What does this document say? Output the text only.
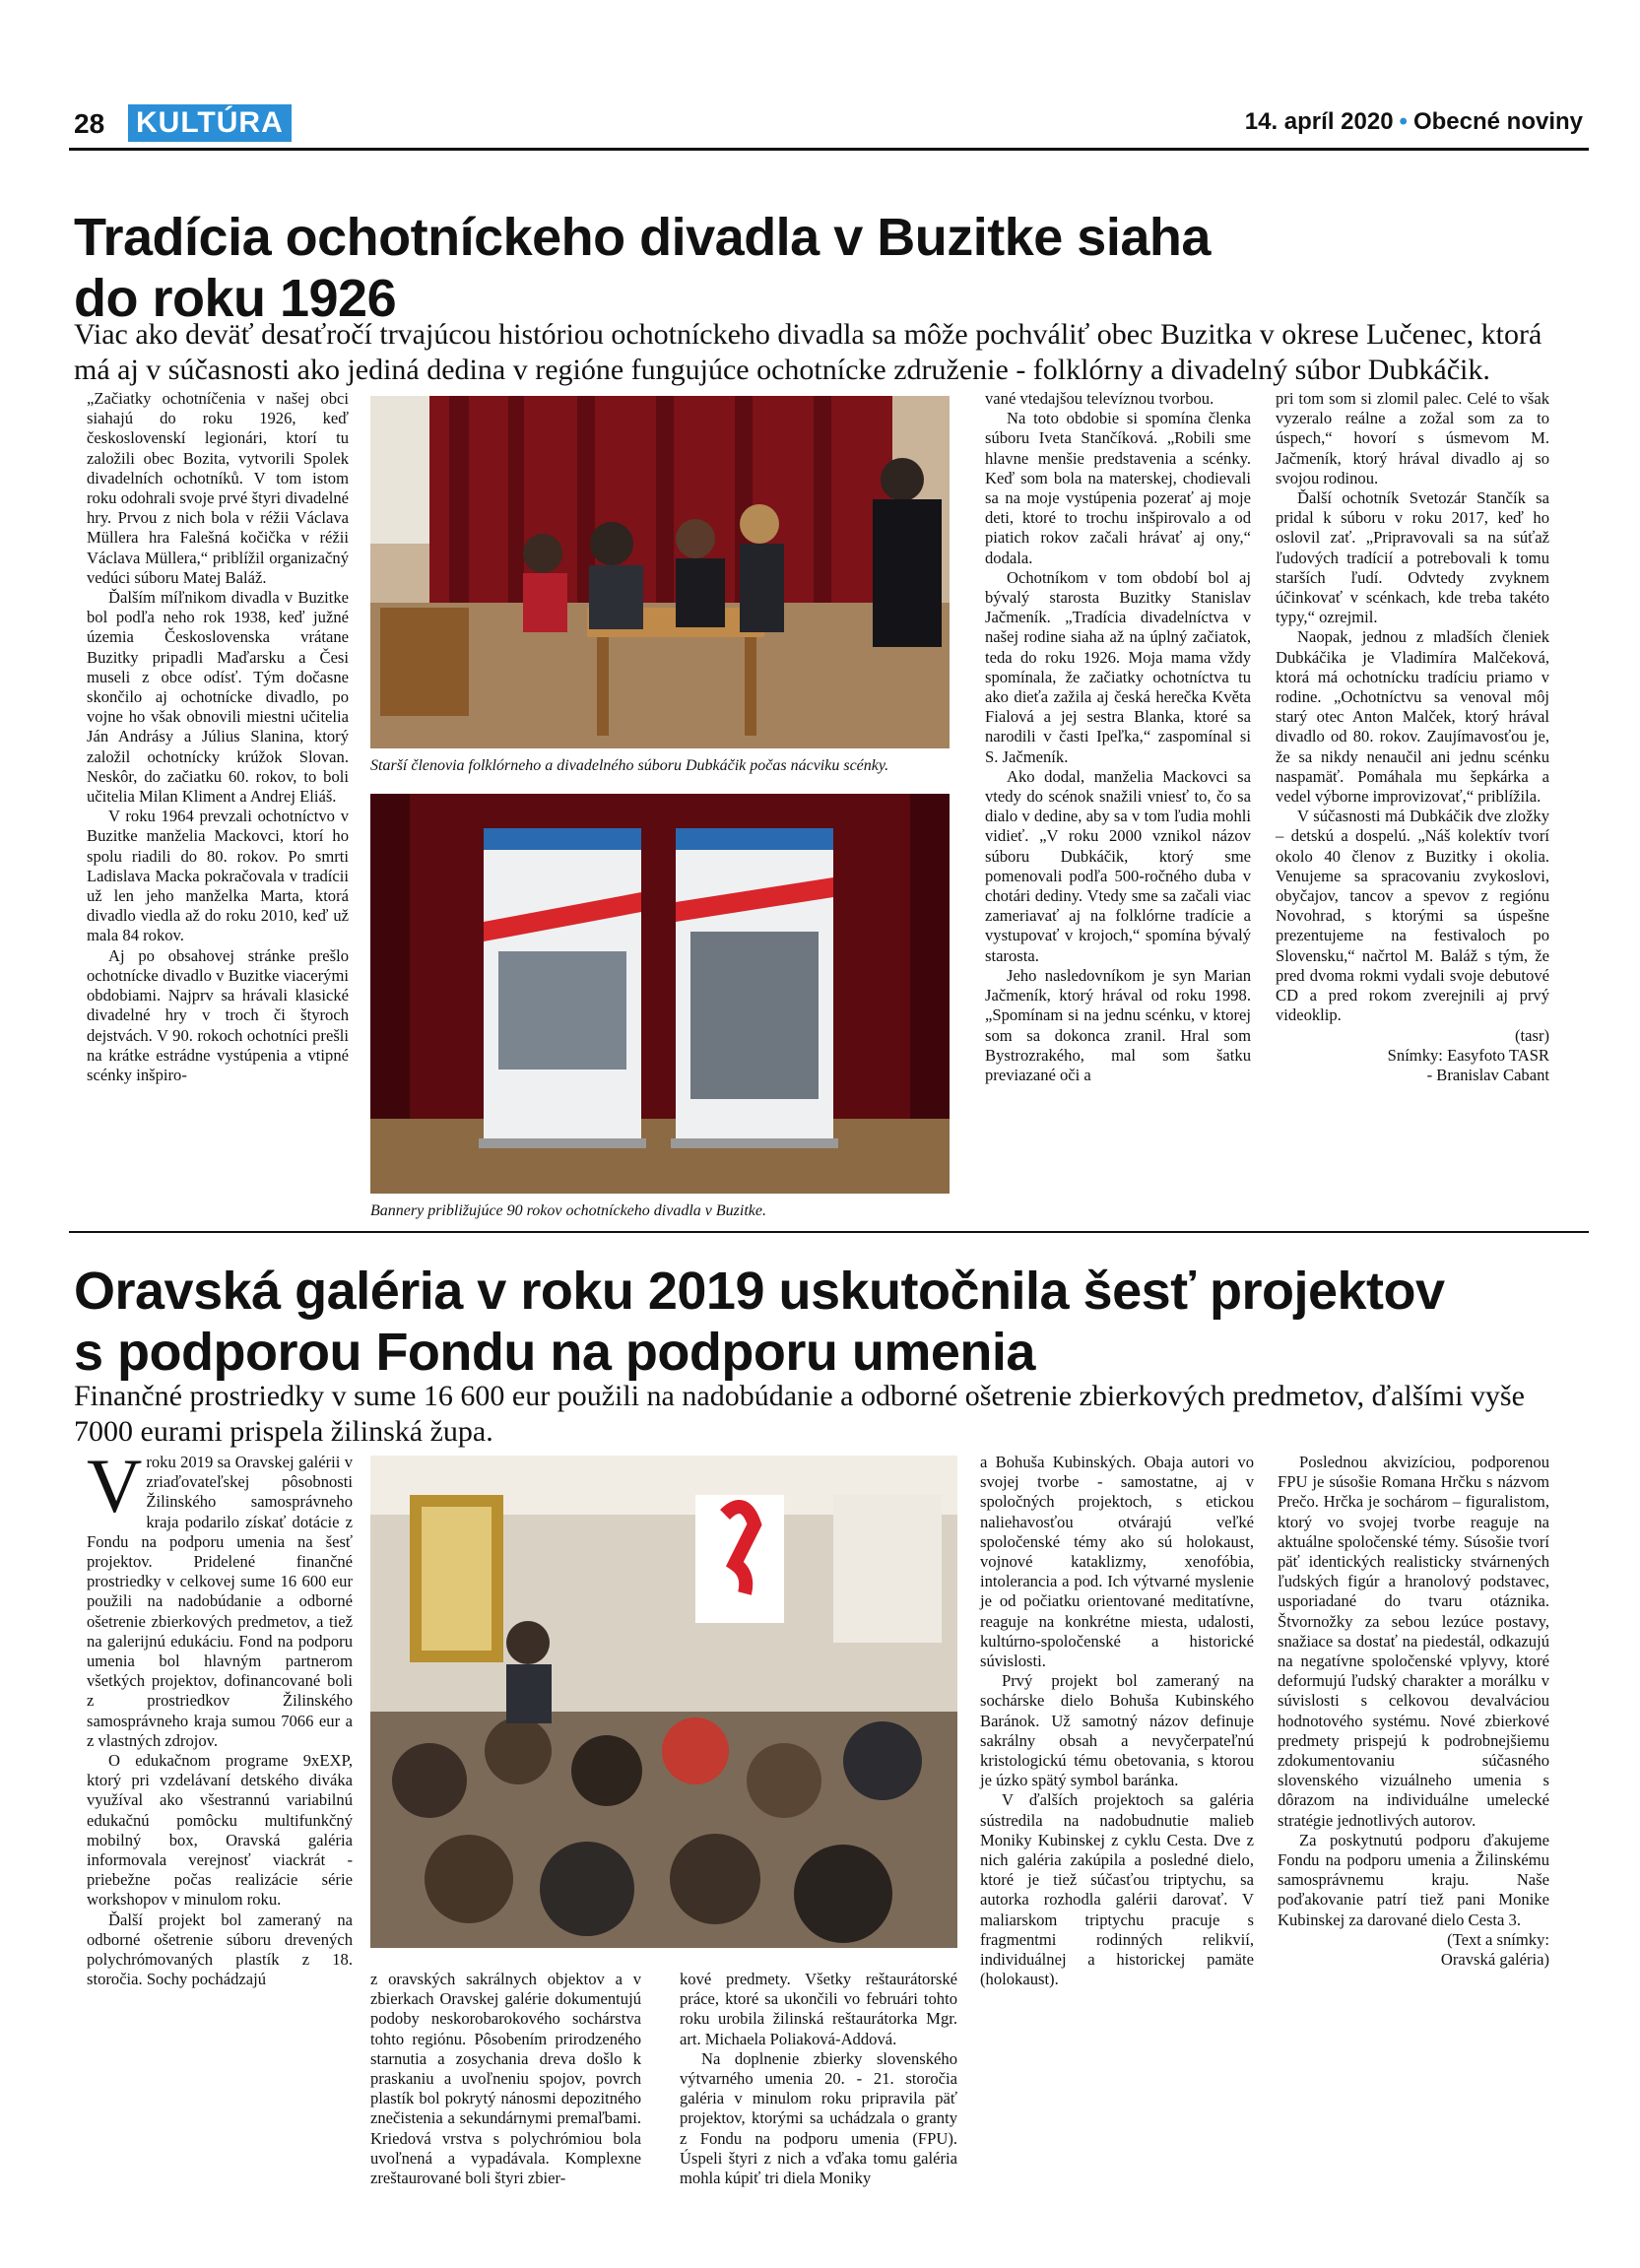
28 KULTÚRA	14. apríl 2020 • Obecné noviny
Tradícia ochotníckeho divadla v Buzitke siaha
do roku 1926
Viac ako deväť desaťročí trvajúcou históriou ochotníckeho divadla sa môže pochváliť obec Buzitka v okrese Lučenec, ktorá má aj v súčasnosti ako jediná dedina v regióne fungujúce ochotnícke združenie - folklórny a divadelný súbor Dubkáčik.

„Začiatky ochotníčenia v našej obci siahajú do roku 1926, keď československí legionári, ktorí tu založili obec Bozita, vytvorili Spolek divadelních ochotníků. V tom istom roku odohrali svoje prvé štyri divadelné hry. Prvou z nich bola v réžii Václava Müllera hra Falešná kočička v réžii Václava Müllera,“ priblížil organizačný vedúci súboru Matej Baláž.

Ďalším míľnikom divadla v Buzitke bol podľa neho rok 1938, keď južné územia Československa vrátane Buzitky pripadli Maďarsku a Česi museli z obce odísť. Tým dočasne skončilo aj ochotnícke divadlo, po vojne ho však obnovili miestni učitelia Ján Andrásy a Július Slanina, ktorý založil ochotnícky krúžok Slovan. Neskôr, do začiatku 60. rokov, to boli učitelia Milan Kliment a Andrej Eliáš.

V roku 1964 prevzali ochotníctvo v Buzitke manželia Mackovci, ktorí ho spolu riadili do 80. rokov. Po smrti Ladislava Macka pokračovala v tradícii už len jeho manželka Marta, ktorá divadlo viedla až do roku 2010, keď už mala 84 rokov.

Aj po obsahovej stránke prešlo ochotnícke divadlo v Buzitke viacerými obdobiami. Najprv sa hrávali klasické divadelné hry v troch či štyroch dejstvách. V 90. rokoch ochotníci prešli na krátke estrádne vystúpenia a vtipné scénky inšpiro-

Starší členovia folklórneho a divadelného súboru Dubkáčik počas nácviku scénky.
Bannery približujúce 90 rokov ochotníckeho divadla v Buzitke.

vané vtedajšou televíznou tvorbou.

Na toto obdobie si spomína členka súboru Iveta Stančíková. „Robili sme hlavne menšie predstavenia a scénky. Keď som bola na materskej, chodievali sa na moje vystúpenia pozerať aj moje deti, ktoré to trochu inšpirovalo a od piatich rokov začali hrávať aj ony,“ dodala.

Ochotníkom v tom období bol aj bývalý starosta Buzitky Stanislav Jačmeník. „Tradícia divadelníctva v našej rodine siaha až na úplný začiatok, teda do roku 1926. Moja mama vždy spomínala, že začiatky ochotníctva tu ako dieťa zažila aj česká herečka Květa Fialová a jej sestra Blanka, ktoré sa narodili v časti Ipeľka,“ zaspomínal si S. Jačmeník.

Ako dodal, manželia Mackovci sa vtedy do scénok snažili vniesť to, čo sa dialo v dedine, aby sa v tom ľudia mohli vidieť. „V roku 2000 vznikol názov súboru Dubkáčik, ktorý sme pomenovali podľa 500-ročného duba v chotári dediny. Vtedy sme sa začali viac zameriavať aj na folklórne tradície a vystupovať v krojoch,“ spomína bývalý starosta.

Jeho nasledovníkom je syn Marian Jačmeník, ktorý hrával od roku 1998. „Spomínam si na jednu scénku, v ktorej som sa dokonca zranil. Hral som Bystrozrakého, mal som šatku previazané oči a

pri tom som si zlomil palec. Celé to však vyzeralo reálne a zožal som za to úspech,“ hovorí s úsmevom M. Jačmeník, ktorý hrával divadlo aj so svojou rodinou.

Ďalší ochotník Svetozár Stančík sa pridal k súboru v roku 2017, keď ho oslovil zať. „Pripravovali sa na súťaž ľudových tradícií a potrebovali k tomu starších ľudí. Odvtedy zvyknem účinkovať v scénkach, kde treba takéto typy,“ ozrejmil.

Naopak, jednou z mladších členiek Dubkáčika je Vladimíra Malčeková, ktorá má ochotnícku tradíciu priamo v rodine. „Ochotníctvu sa venoval môj starý otec Anton Malček, ktorý hrával divadlo od 80. rokov. Zaujímavosťou je, že sa nikdy nenaučil ani jednu scénku naspamäť. Pomáhala mu šepkárka a vedel výborne improvizovať,“ priblížila.

V súčasnosti má Dubkáčik dve zložky – detskú a dospelú. „Náš kolektív tvorí okolo 40 členov z Buzitky i okolia. Venujeme sa spracovaniu zvykoslovi, obyčajov, tancov a spevov z regiónu Novohrad, s ktorými sa úspešne prezentujeme na festivaloch po Slovensku,“ načrtol M. Baláž s tým, že pred dvoma rokmi vydali svoje debutové CD a pred rokom zverejnili aj prvý videoklip.

(tasr)
Snímky: Easyfoto TASR
- Branislav Cabant
Oravská galéria v roku 2019 uskutočnila šesť projektov
s podporou Fondu na podporu umenia
Finančné prostriedky v sume 16 600 eur použili na nadobúdanie a odborné ošetrenie zbierkových predmetov, ďalšími vyše 7000 eurami prispela žilinská župa.

Vroku 2019 sa Oravskej galérii v zriaďovateľskej pôsobnosti Žilinského samosprávneho kraja podarilo získať dotácie z Fondu na podporu umenia na šesť projektov. Pridelené finančné prostriedky v celkovej sume 16 600 eur použili na nadobúdanie a odborné ošetrenie zbierkových predmetov, a tiež na galerijnú edukáciu. Fond na podporu umenia bol hlavným partnerom všetkých projektov, dofinancované boli z prostriedkov Žilinského samosprávneho kraja sumou 7066 eur a z vlastných zdrojov.

O edukačnom programe 9xEXP, ktorý pri vzdelávaní detského diváka využíval ako všestrannú variabilnú edukačnú pomôcku multifunkčný mobilný box, Oravská galéria informovala verejnosť viackrát - priebežne počas realizácie série workshopov v minulom roku.

Ďalší projekt bol zameraný na odborné ošetrenie súboru drevených polychrómovaných plastík z 18. storočia. Sochy pochádzajú	z oravských sakrálnych objektov a v zbierkach Oravskej galérie dokumentujú podoby neskorobarokového sochárstva tohto regiónu. Pôsobením prirodzeného starnutia a zosychania dreva došlo k praskaniu a uvoľneniu spojov, povrch plastík bol pokrytý nánosmi depozitného znečistenia a sekundárnymi premaľbami. Kriedová vrstva s polychrómiou bola uvoľnená a vypadávala. Komplexne zreštaurované boli štyri zbier-

kové predmety. Všetky reštaurátorské práce, ktoré sa ukončili vo februári tohto roku urobila žilinská reštaurátorka Mgr. art. Michaela Poliaková-Addová.

Na doplnenie zbierky slovenského výtvarného umenia 20. - 21. storočia galéria v minulom roku pripravila päť projektov, ktorými sa uchádzala o granty z Fondu na podporu umenia (FPU). Úspeli štyri z nich a vďaka tomu galéria mohla kúpiť tri diela Moniky

a Bohuša Kubinských. Obaja autori vo svojej tvorbe - samostatne, aj v spoločných projektoch, s etickou naliehavosťou otvárajú veľké spoločenské témy ako sú holokaust, vojnové kataklizmy, xenofóbia, intolerancia a pod. Ich výtvarné myslenie je od počiatku orientované meditatívne, reaguje na konkrétne miesta, udalosti, kultúrno-spoločenské a historické súvislosti.

Prvý projekt bol zameraný na sochárske dielo Bohuša Kubinského Baránok. Už samotný názov definuje sakrálny obsah a nevyčerpateľnú kristologickú tému obetovania, s ktorou je úzko spätý symbol baránka.

V ďalších projektoch sa galéria sústredila na nadobudnutie malieb Moniky Kubinskej z cyklu Cesta. Dve z nich galéria zakúpila a posledné dielo, ktoré je tiež súčasťou triptychu, sa autorka rozhodla galérii darovať. V maliarskom triptychu pracuje s fragmentmi rodinných relikvií, individuálnej a historickej pamäte (holokaust).

Poslednou akvizíciou, podporenou FPU je súsošie Romana Hrčku s názvom Prečo. Hrčka je sochárom – figuralistom, ktorý vo svojej tvorbe reaguje na aktuálne spoločenské témy. Súsošie tvorí päť identických realisticky stvárnených ľudských figúr a hranolový podstavec, usporiadané do tvaru otáznika. Štvornožky za sebou lezúce postavy, snažiace sa dostať na piedestál, odkazujú na negatívne spoločenské vplyvy, ktoré deformujú ľudský charakter a morálku v súvislosti s celkovou devalváciou hodnotového systému. Nové zbierkové predmety prispejú k podrobnejšiemu zdokumentovaniu súčasného slovenského vizuálneho umenia s dôrazom na individuálne umelecké stratégie jednotlivých autorov.

Za poskytnutú podporu ďakujeme Fondu na podporu umenia a Žilinskému samosprávnemu kraju. Naše poďakovanie patrí tiež pani Monike Kubinskej za darované dielo Cesta 3.

(Text a snímky:
Oravská galéria)
